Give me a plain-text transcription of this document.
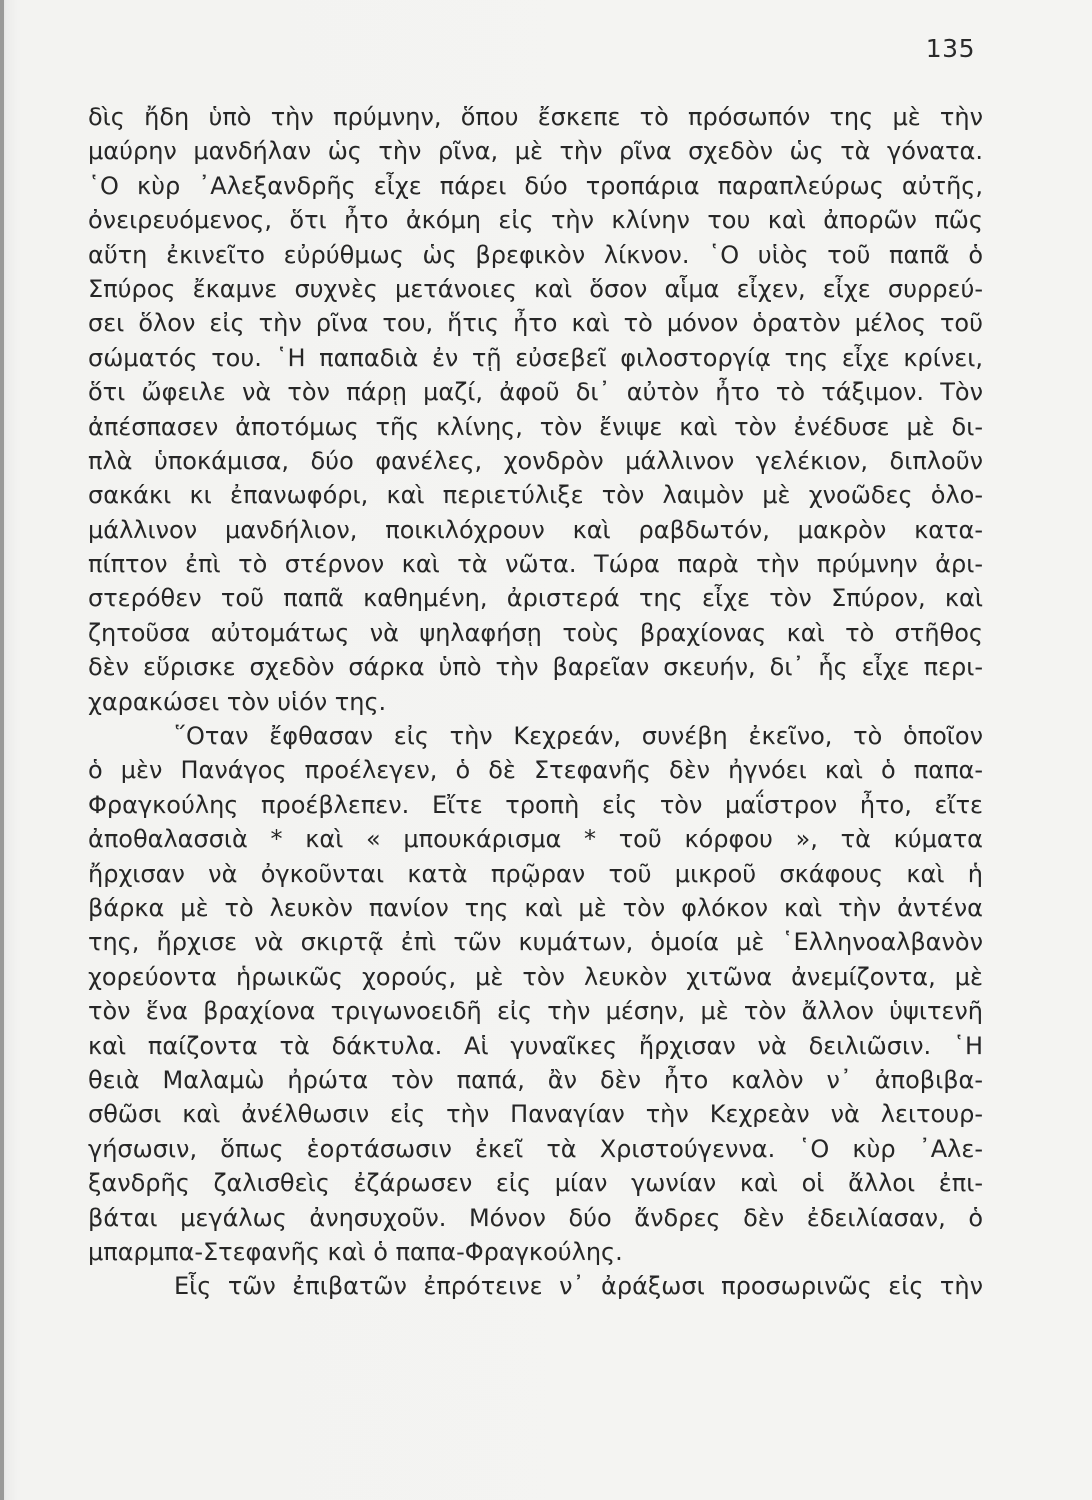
135
δὶς ἤδη ὑπὸ τὴν πρύμνην, ὅπου ἔσκεπε τὸ πρόσωπόν της μὲ τὴν
μαύρην μανδήλαν ὡς τὴν ρῖνα, μὲ τὴν ρῖνα σχεδὸν ὡς τὰ γόνατα.
῾Ο κὺρ ᾿Αλεξανδρῆς εἶχε πάρει δύο τροπάρια παραπλεύρως αὐτῆς,
ὀνειρευόμενος, ὅτι ἦτο ἀκόμη εἰς τὴν κλίνην του καὶ ἀπορῶν πῶς
αὕτη ἐκινεῖτο εὐρύθμως ὡς βρεφικὸν λίκνον. ῾Ο υἱὸς τοῦ παπᾶ ὁ
Σπύρος ἔκαμνε συχνὲς μετάνοιες καὶ ὅσον αἷμα εἶχεν, εἶχε συρρεύ-
σει ὅλον εἰς τὴν ρῖνα του, ἥτις ἦτο καὶ τὸ μόνον ὁρατὸν μέλος τοῦ
σώματός του. ῾Η παπαδιὰ ἐν τῇ εὐσεβεῖ φιλοστοργίᾳ της εἶχε κρίνει,
ὅτι ὤφειλε νὰ τὸν πάρῃ μαζί, ἀφοῦ δι᾿ αὐτὸν ἦτο τὸ τάξιμον. Τὸν
ἀπέσπασεν ἀποτόμως τῆς κλίνης, τὸν ἔνιψε καὶ τὸν ἐνέδυσε μὲ δι-
πλὰ ὑποκάμισα, δύο φανέλες, χονδρὸν μάλλινον γελέκιον, διπλοῦν
σακάκι κι ἐπανωφόρι, καὶ περιετύλιξε τὸν λαιμὸν μὲ χνοῶδες ὁλο-
μάλλινον μανδήλιον, ποικιλόχρουν καὶ ραβδωτόν, μακρὸν κατα-
πίπτον ἐπὶ τὸ στέρνον καὶ τὰ νῶτα. Τώρα παρὰ τὴν πρύμνην ἀρι-
στερόθεν τοῦ παπᾶ καθημένη, ἀριστερά της εἶχε τὸν Σπύρον, καὶ
ζητοῦσα αὐτομάτως νὰ ψηλαφήσῃ τοὺς βραχίονας καὶ τὸ στῆθος
δὲν εὕρισκε σχεδὸν σάρκα ὑπὸ τὴν βαρεῖαν σκευήν, δι᾿ ἧς εἶχε περι-
χαρακώσει τὸν υἱόν της.
῞Οταν ἔφθασαν εἰς τὴν Κεχρεάν, συνέβη ἐκεῖνο, τὸ ὁποῖον
ὁ μὲν Πανάγος προέλεγεν, ὁ δὲ Στεφανῆς δὲν ἠγνόει καὶ ὁ παπα-
Φραγκούλης προέβλεπεν. Εἴτε τροπὴ εἰς τὸν μαΐστρον ἦτο, εἴτε
ἀποθαλασσιὰ * καὶ « μπουκάρισμα * τοῦ κόρφου », τὰ κύματα
ἤρχισαν νὰ ὀγκοῦνται κατὰ πρῷραν τοῦ μικροῦ σκάφους καὶ ἡ
βάρκα μὲ τὸ λευκὸν πανίον της καὶ μὲ τὸν φλόκον καὶ τὴν ἀντένα
της, ἤρχισε νὰ σκιρτᾷ ἐπὶ τῶν κυμάτων, ὁμοία μὲ ῾Ελληνοαλβανὸν
χορεύοντα ἡρωικῶς χορούς, μὲ τὸν λευκὸν χιτῶνα ἀνεμίζοντα, μὲ
τὸν ἕνα βραχίονα τριγωνοειδῆ εἰς τὴν μέσην, μὲ τὸν ἄλλον ὑψιτενῆ
καὶ παίζοντα τὰ δάκτυλα. Αἱ γυναῖκες ἤρχισαν νὰ δειλιῶσιν. ῾Η
θειὰ Μαλαμὼ ἠρώτα τὸν παπά, ἂν δὲν ἦτο καλὸν ν᾿ ἀποβιβα-
σθῶσι καὶ ἀνέλθωσιν εἰς τὴν Παναγίαν τὴν Κεχρεὰν νὰ λειτουρ-
γήσωσιν, ὅπως ἑορτάσωσιν ἐκεῖ τὰ Χριστούγεννα. ῾Ο κὺρ ᾿Αλε-
ξανδρῆς ζαλισθεὶς ἐζάρωσεν εἰς μίαν γωνίαν καὶ οἱ ἄλλοι ἐπι-
βάται μεγάλως ἀνησυχοῦν. Μόνον δύο ἄνδρες δὲν ἐδειλίασαν, ὁ
μπαρμπα-Στεφανῆς καὶ ὁ παπα-Φραγκούλης.
Εἷς τῶν ἐπιβατῶν ἐπρότεινε ν᾿ ἀράξωσι προσωρινῶς εἰς τὴν
